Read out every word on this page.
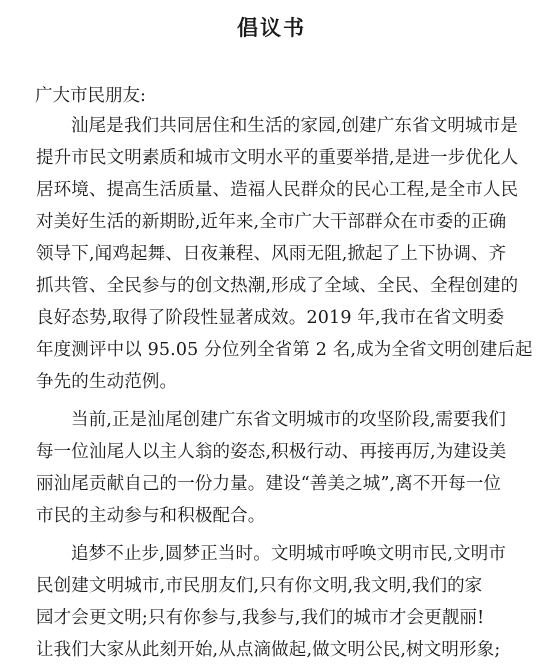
倡议书
广大市民朋友:
汕尾是我们共同居住和生活的家园,创建广东省文明城市是
提升市民文明素质和城市文明水平的重要举措,是进一步优化人
居环境、提高生活质量、造福人民群众的民心工程,是全市人民
对美好生活的新期盼,近年来,全市广大干部群众在市委的正确
领导下,闻鸡起舞、日夜兼程、风雨无阻,掀起了上下协调、齐
抓共管、全民参与的创文热潮,形成了全域、全民、全程创建的
良好态势,取得了阶段性显著成效。2019 年,我市在省文明委
年度测评中以 95.05 分位列全省第 2 名,成为全省文明创建后起
争先的生动范例。
当前,正是汕尾创建广东省文明城市的攻坚阶段,需要我们
每一位汕尾人以主人翁的姿态,积极行动、再接再厉,为建设美
丽汕尾贡献自己的一份力量。建设“善美之城”,离不开每一位
市民的主动参与和积极配合。
追梦不止步,圆梦正当时。文明城市呼唤文明市民,文明市
民创建文明城市,市民朋友们,只有你文明,我文明,我们的家
园才会更文明;只有你参与,我参与,我们的城市才会更靓丽!
让我们大家从此刻开始,从点滴做起,做文明公民,树文明形象;
